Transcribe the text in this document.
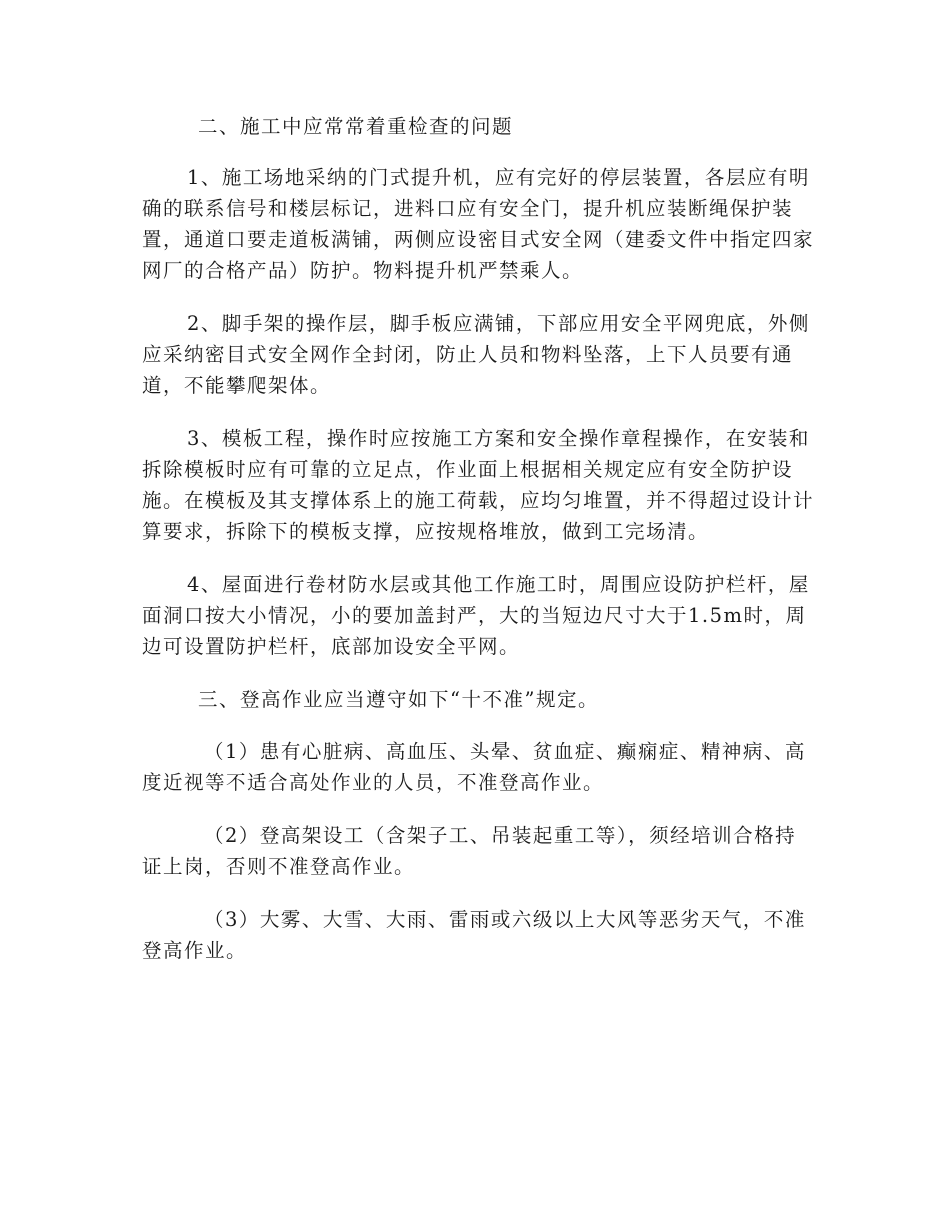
二、施工中应常常着重检查的问题

1、施工场地采纳的门式提升机，应有完好的停层装置，各层应有明确的联系信号和楼层标记，进料口应有安全门，提升机应装断绳保护装置，通道口要走道板满铺，两侧应设密目式安全网（建委文件中指定四家网厂的合格产品）防护。物料提升机严禁乘人。

2、脚手架的操作层，脚手板应满铺，下部应用安全平网兜底，外侧应采纳密目式安全网作全封闭，防止人员和物料坠落，上下人员要有通道，不能攀爬架体。

3、模板工程，操作时应按施工方案和安全操作章程操作，在安装和拆除模板时应有可靠的立足点，作业面上根据相关规定应有安全防护设施。在模板及其支撑体系上的施工荷载，应均匀堆置，并不得超过设计计算要求，拆除下的模板支撑，应按规格堆放，做到工完场清。

4、屋面进行卷材防水层或其他工作施工时，周围应设防护栏杆，屋面洞口按大小情况，小的要加盖封严，大的当短边尺寸大于1.5m时，周边可设置防护栏杆，底部加设安全平网。

三、登高作业应当遵守如下“十不准”规定。

（1）患有心脏病、高血压、头晕、贫血症、癫痫症、精神病、高度近视等不适合高处作业的人员，不准登高作业。

（2）登高架设工（含架子工、吊装起重工等），须经培训合格持证上岗，否则不准登高作业。

（3）大雾、大雪、大雨、雷雨或六级以上大风等恶劣天气，不准登高作业。
